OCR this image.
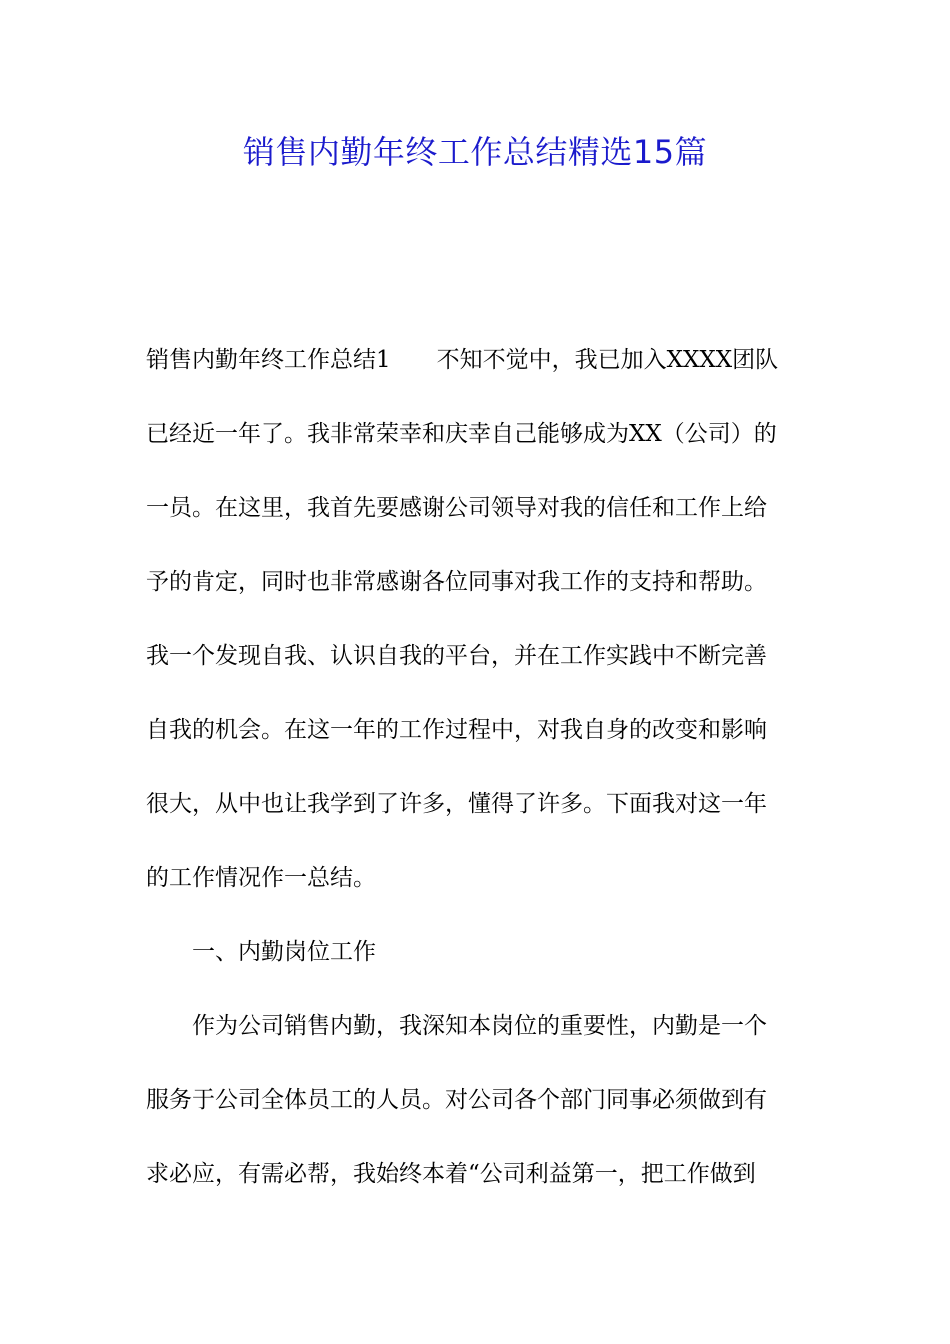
销售内勤年终工作总结精选15篇
销售内勤年终工作总结1　　不知不觉中，我已加入XXXX团队
已经近一年了。我非常荣幸和庆幸自己能够成为XX（公司）的
一员。在这里，我首先要感谢公司领导对我的信任和工作上给
予的肯定，同时也非常感谢各位同事对我工作的支持和帮助。
我一个发现自我、认识自我的平台，并在工作实践中不断完善
自我的机会。在这一年的工作过程中，对我自身的改变和影响
很大，从中也让我学到了许多，懂得了许多。下面我对这一年
的工作情况作一总结。
一、内勤岗位工作
作为公司销售内勤，我深知本岗位的重要性，内勤是一个
服务于公司全体员工的人员。对公司各个部门同事必须做到有
求必应，有需必帮，我始终本着“公司利益第一，把工作做到
